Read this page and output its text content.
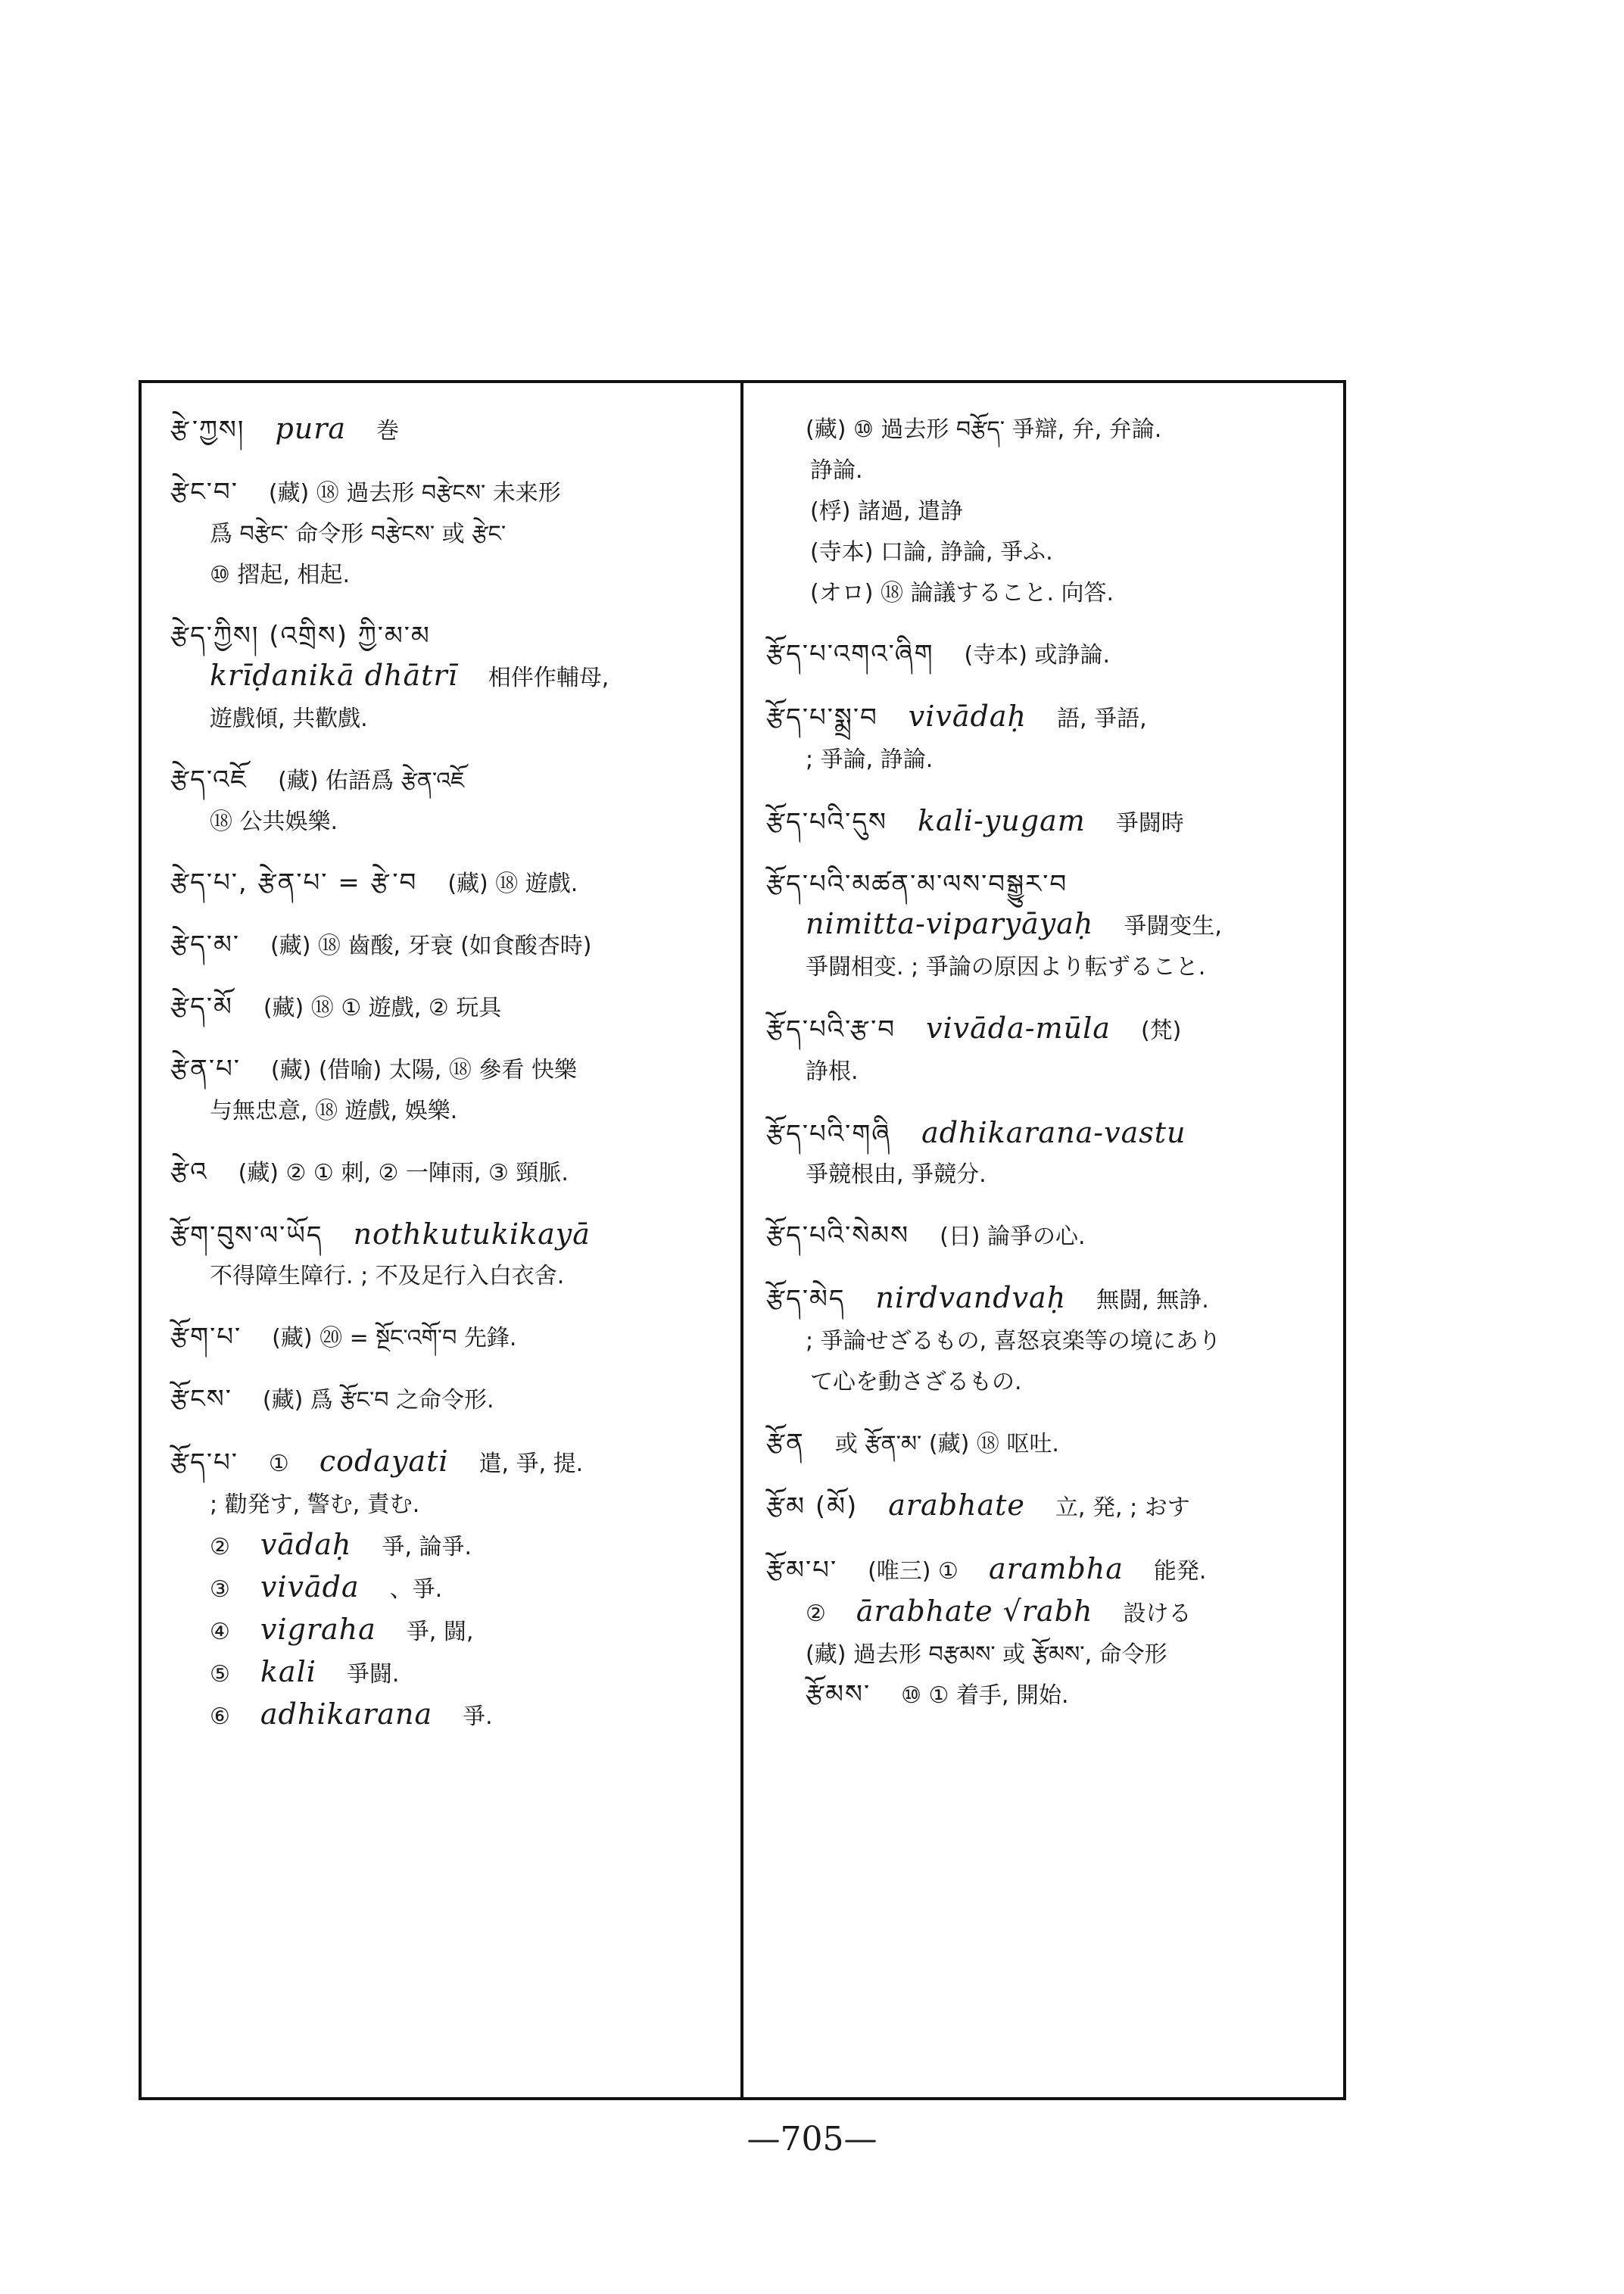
རྩེ་ཀྱས། pura 巻
རྩེང་བ་ (藏) ⑱ 過去形 བརྩེངས་ 未来形
爲 བརྩེང་ 命令形 བརྩེངས་ 或 རྩེང་
⑩ 摺起, 相起.
རྩེད་ཀྱིས། (འགྲིས) ཀྱི་མ་མ
krīḍanikā dhātrī 相伴作輔母,
遊戲傾, 共歡戲.
རྩེད་འཇོ (藏) 佑語爲 རྩེན་འཇོ
⑱ 公共娛樂.
རྩེད་པ་, རྩེན་པ་ = རྩེ་བ (藏) ⑱ 遊戲.
རྩེད་མ་ (藏) ⑱ 齒酸, 牙衰 (如食酸杏時)
རྩེད་མོ (藏) ⑱ ① 遊戲, ② 玩具
རྩེན་པ་ (藏) (借喻) 太陽, ⑱ 參看 快樂
与無忠意, ⑱ 遊戲, 娛樂.
རྩེའ (藏) ② ① 刺, ② 一陣雨, ③ 頸脈.
རྩོག་བུས་ལ་ཡོད nothkutukikayā
不得障生障行. ; 不及足行入白衣舍.
རྩོག་པ་ (藏) ⑳ = སྔོང་འགོ་བ 先鋒.
རྩོངས་ (藏) 爲 རྩོང་བ 之命令形.
རྩོད་པ་ ① codayati 遣, 爭, 提.
; 勸発す, 警む, 責む.
② vādaḥ 爭, 論爭.
③ vivāda 、爭.
④ vigraha 爭, 闘,
⑤ kali 爭闘.
⑥ adhikarana 爭.
(藏) ⑩ 過去形 བརྩོད་ 爭辯, 弁, 弁論.
諍論.
(桴) 諸過, 遣諍
(寺本) 口論, 諍論, 爭ふ.
(オロ) ⑱ 論議すること. 向答.
རྩོད་པ་འགའ་ཞིག (寺本) 或諍論.
རྩོད་པ་སྨྲ་བ vivādaḥ 語, 爭語,
; 爭論, 諍論.
རྩོད་པའི་དུས kali-yugam 爭闘時
རྩོད་པའི་མཚན་མ་ལས་བསྒྱུར་བ
nimitta-viparyāyaḥ 爭闘变生,
爭闘相变. ; 爭論の原因より転ずること.
རྩོད་པའི་རྩ་བ vivāda-mūla (梵)
諍根.
རྩོད་པའི་གཞི adhikarana-vastu
爭競根由, 爭競分.
རྩོད་པའི་སེམས (日) 論爭の心.
རྩོད་མེད nirdvandvaḥ 無闘, 無諍.
; 爭論せざるもの, 喜怒哀楽等の境にあり
て心を動さざるもの.
རྩོན 或 རྩོན་མ་ (藏) ⑱ 呕吐.
རྩོམ (མོ) arabhate 立, 発, ; おす
རྩོམ་པ་ (唯三) ① arambha 能発.
② ārabhate √rabh 設ける
(藏) 過去形 བརྩམས་ 或 རྩོམས་, 命令形
རྩོམས་ ⑩ ① 着手, 開始.
—705—
